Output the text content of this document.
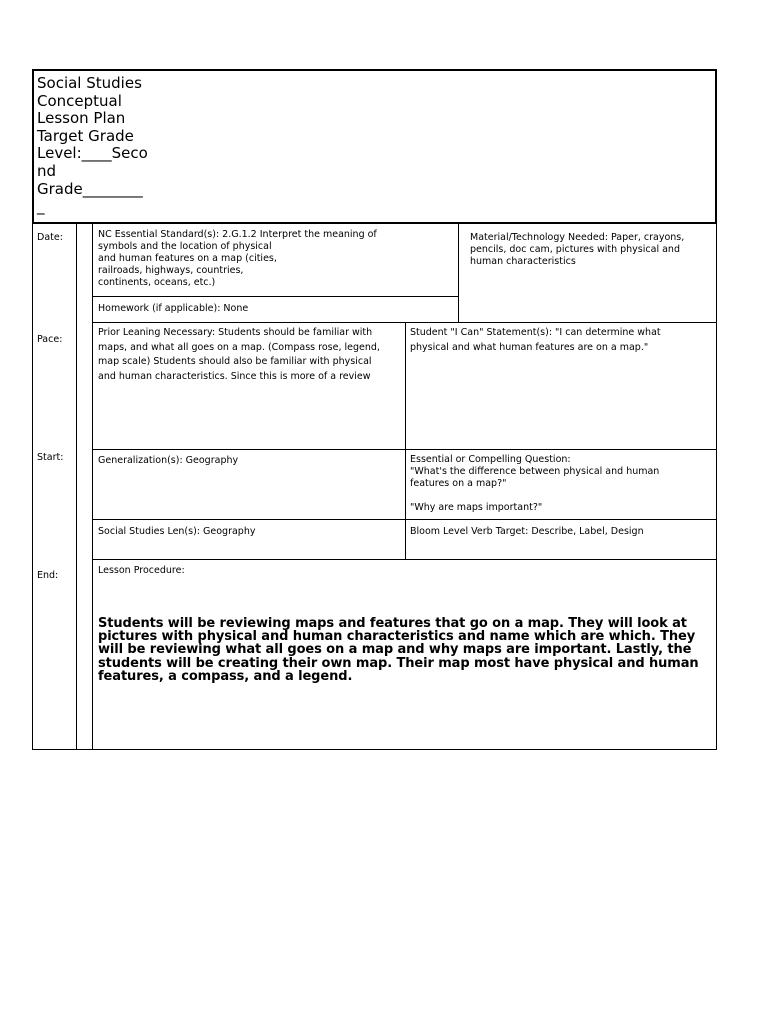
Social Studies
Conceptual
Lesson Plan
Target Grade
Level:____Seco
nd
Grade________
_
Date:
Pace:
Start:
End:
NC Essential Standard(s): 2.G.1.2 Interpret the meaning of
symbols and the location of physical
and human features on a map (cities,
railroads, highways, countries,
continents, oceans, etc.)
Material/Technology Needed: Paper, crayons,
pencils, doc cam, pictures with physical and
human characteristics
Homework (if applicable): None
Prior Leaning Necessary: Students should be familiar with
maps, and what all goes on a map. (Compass rose, legend,
map scale) Students should also be familiar with physical
and human characteristics. Since this is more of a review
Student "I Can" Statement(s): "I can determine what
physical and what human features are on a map."
Generalization(s): Geography	Essential or Compelling Question:
"What's the difference between physical and human
features on a map?"

"Why are maps important?"
Social Studies Len(s): Geography	Bloom Level Verb Target: Describe, Label, Design
Lesson Procedure:
Students will be reviewing maps and features that go on a map. They will look at pictures with physical and human characteristics and name which are which. They will be reviewing what all goes on a map and why maps are important. Lastly, the students will be creating their own map. Their map most have physical and human features, a compass, and a legend.
